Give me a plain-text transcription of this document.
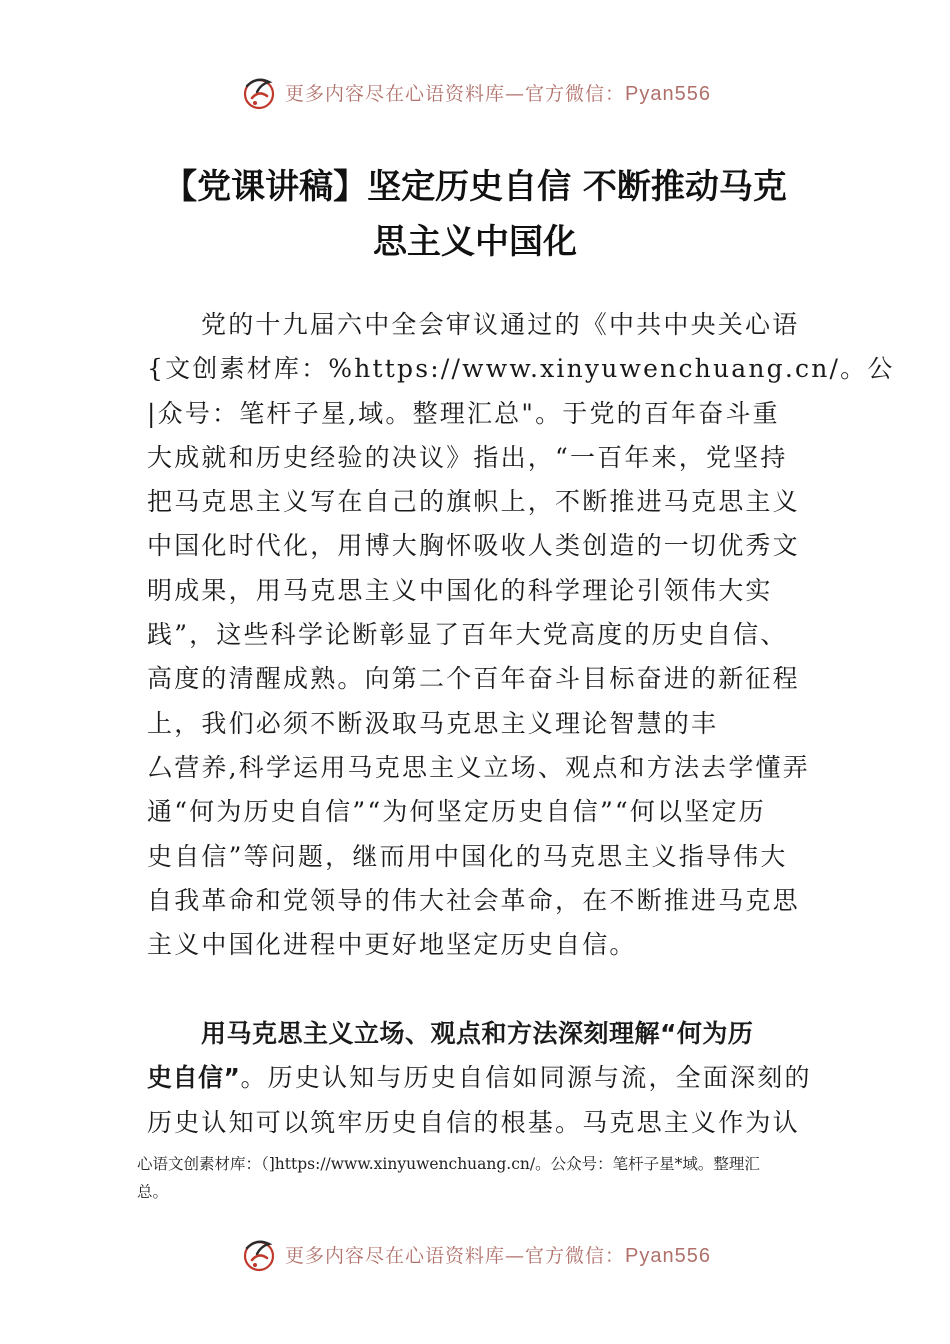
更多内容尽在心语资料库—官方微信：Pyan556
【党课讲稿】坚定历史自信 不断推动马克
思主义中国化
党的十九届六中全会审议通过的《中共中央关心语
{文创素材库：%https://www.xinyuwenchuang.cn/。公
|众号：笔杆子星,域。整理汇总"。于党的百年奋斗重
大成就和历史经验的决议》指出，“一百年来，党坚持
把马克思主义写在自己的旗帜上，不断推进马克思主义
中国化时代化，用博大胸怀吸收人类创造的一切优秀文
明成果，用马克思主义中国化的科学理论引领伟大实
践”，这些科学论断彰显了百年大党高度的历史自信、
高度的清醒成熟。向第二个百年奋斗目标奋进的新征程
上，我们必须不断汲取马克思主义理论智慧的丰
厶营养,科学运用马克思主义立场、观点和方法去学懂弄
通“何为历史自信”“为何坚定历史自信”“何以坚定历
史自信”等问题，继而用中国化的马克思主义指导伟大
自我革命和党领导的伟大社会革命，在不断推进马克思
主义中国化进程中更好地坚定历史自信。
用马克思主义立场、观点和方法深刻理解“何为历
史自信”。历史认知与历史自信如同源与流，全面深刻的
历史认知可以筑牢历史自信的根基。马克思主义作为认
心语文创素材库：（]https://www.xinyuwenchuang.cn/。公众号：笔杆子星*域。整理汇
总。
更多内容尽在心语资料库—官方微信：Pyan556
